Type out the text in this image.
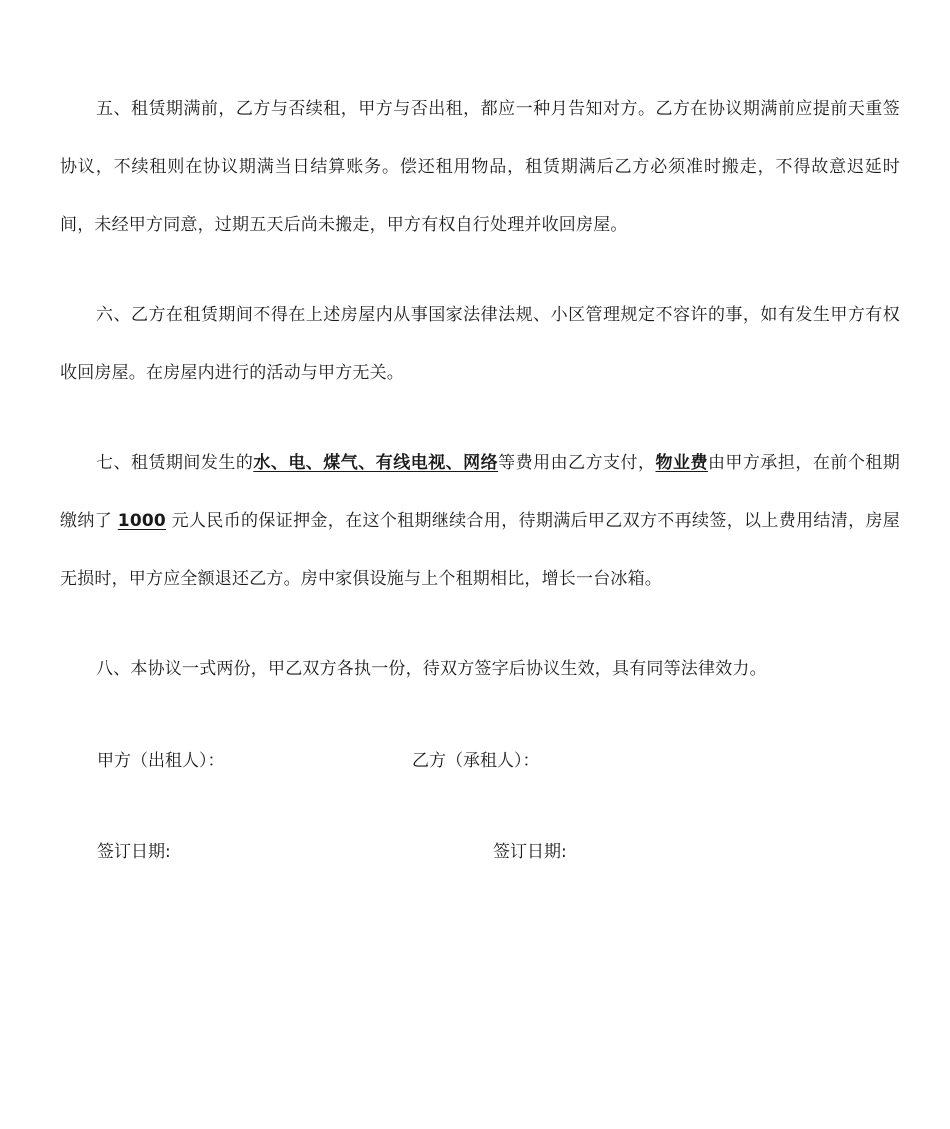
五、租赁期满前，乙方与否续租，甲方与否出租，都应一种月告知对方。乙方在协议期满前应提前天重签协议，不续租则在协议期满当日结算账务。偿还租用物品，租赁期满后乙方必须准时搬走，不得故意迟延时间，未经甲方同意，过期五天后尚未搬走，甲方有权自行处理并收回房屋。

六、乙方在租赁期间不得在上述房屋内从事国家法律法规、小区管理规定不容许的事，如有发生甲方有权收回房屋。在房屋内进行的活动与甲方无关。

七、租赁期间发生的水、电、煤气、有线电视、网络等费用由乙方支付，物业费由甲方承担，在前个租期缴纳了 1000 元人民币的保证押金，在这个租期继续合用，待期满后甲乙双方不再续签，以上费用结清，房屋无损时，甲方应全额退还乙方。房中家俱设施与上个租期相比，增长一台冰箱。

八、本协议一式两份，甲乙双方各执一份，待双方签字后协议生效，具有同等法律效力。

甲方（出租人）：	乙方（承租人）：

签订日期:	签订日期:
